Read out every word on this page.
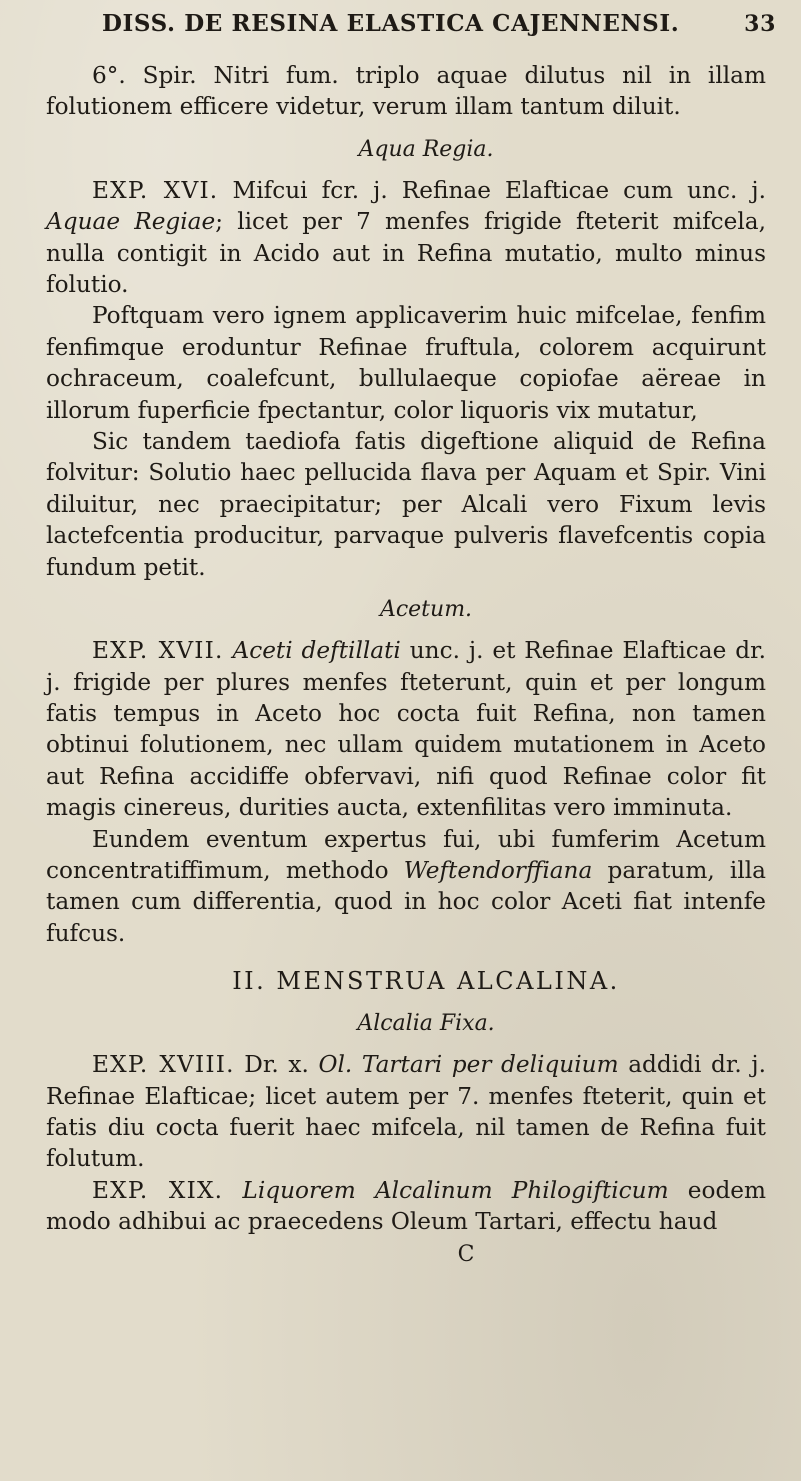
DISS. DE RESINA ELASTICA CAJENNENSI.	33

6°. Spir. Nitri fum. triplo aquae dilutus nil in illam folutionem efficere videtur, verum illam tantum diluit.

Aqua Regia.

EXP. XVI. Mifcui fcr. j. Refinae Elafticae cum unc. j. Aquae Regiae; licet per 7 menfes frigide fteterit mifcela, nulla contigit in Acido aut in Refina mutatio, multo minus folutio.

Poftquam vero ignem applicaverim huic mifcelae, fenfim fenfimque eroduntur Refinae fruftula, colorem acquirunt ochraceum, coalefcunt, bullulaeque copiofae aëreae in illorum fuperficie fpectantur, color liquoris vix mutatur,

Sic tandem taediofa fatis digeftione aliquid de Refina folvitur: Solutio haec pellucida flava per Aquam et Spir. Vini diluitur, nec praecipitatur; per Alcali vero Fixum levis lactefcentia producitur, parvaque pulveris flavefcentis copia fundum petit.

Acetum.

EXP. XVII. Aceti deftillati unc. j. et Refinae Elafticae dr. j. frigide per plures menfes fteterunt, quin et per longum fatis tempus in Aceto hoc cocta fuit Refina, non tamen obtinui folutionem, nec ullam quidem mutationem in Aceto aut Refina accidiffe obfervavi, nifi quod Refinae color fit magis cinereus, durities aucta, extenfilitas vero imminuta.

Eundem eventum expertus fui, ubi fumferim Acetum concentratiffimum, methodo Weftendorffiana paratum, illa tamen cum differentia, quod in hoc color Aceti fiat intenfe fufcus.

II. MENSTRUA ALCALINA.
Alcalia Fixa.

EXP. XVIII. Dr. x. Ol. Tartari per deliquium addidi dr. j. Refinae Elafticae; licet autem per 7. menfes fteterit, quin et fatis diu cocta fuerit haec mifcela, nil tamen de Refina fuit folutum.

EXP. XIX. Liquorem Alcalinum Philogifticum eodem modo adhibui ac praecedens Oleum Tartari, effectu haud

C
